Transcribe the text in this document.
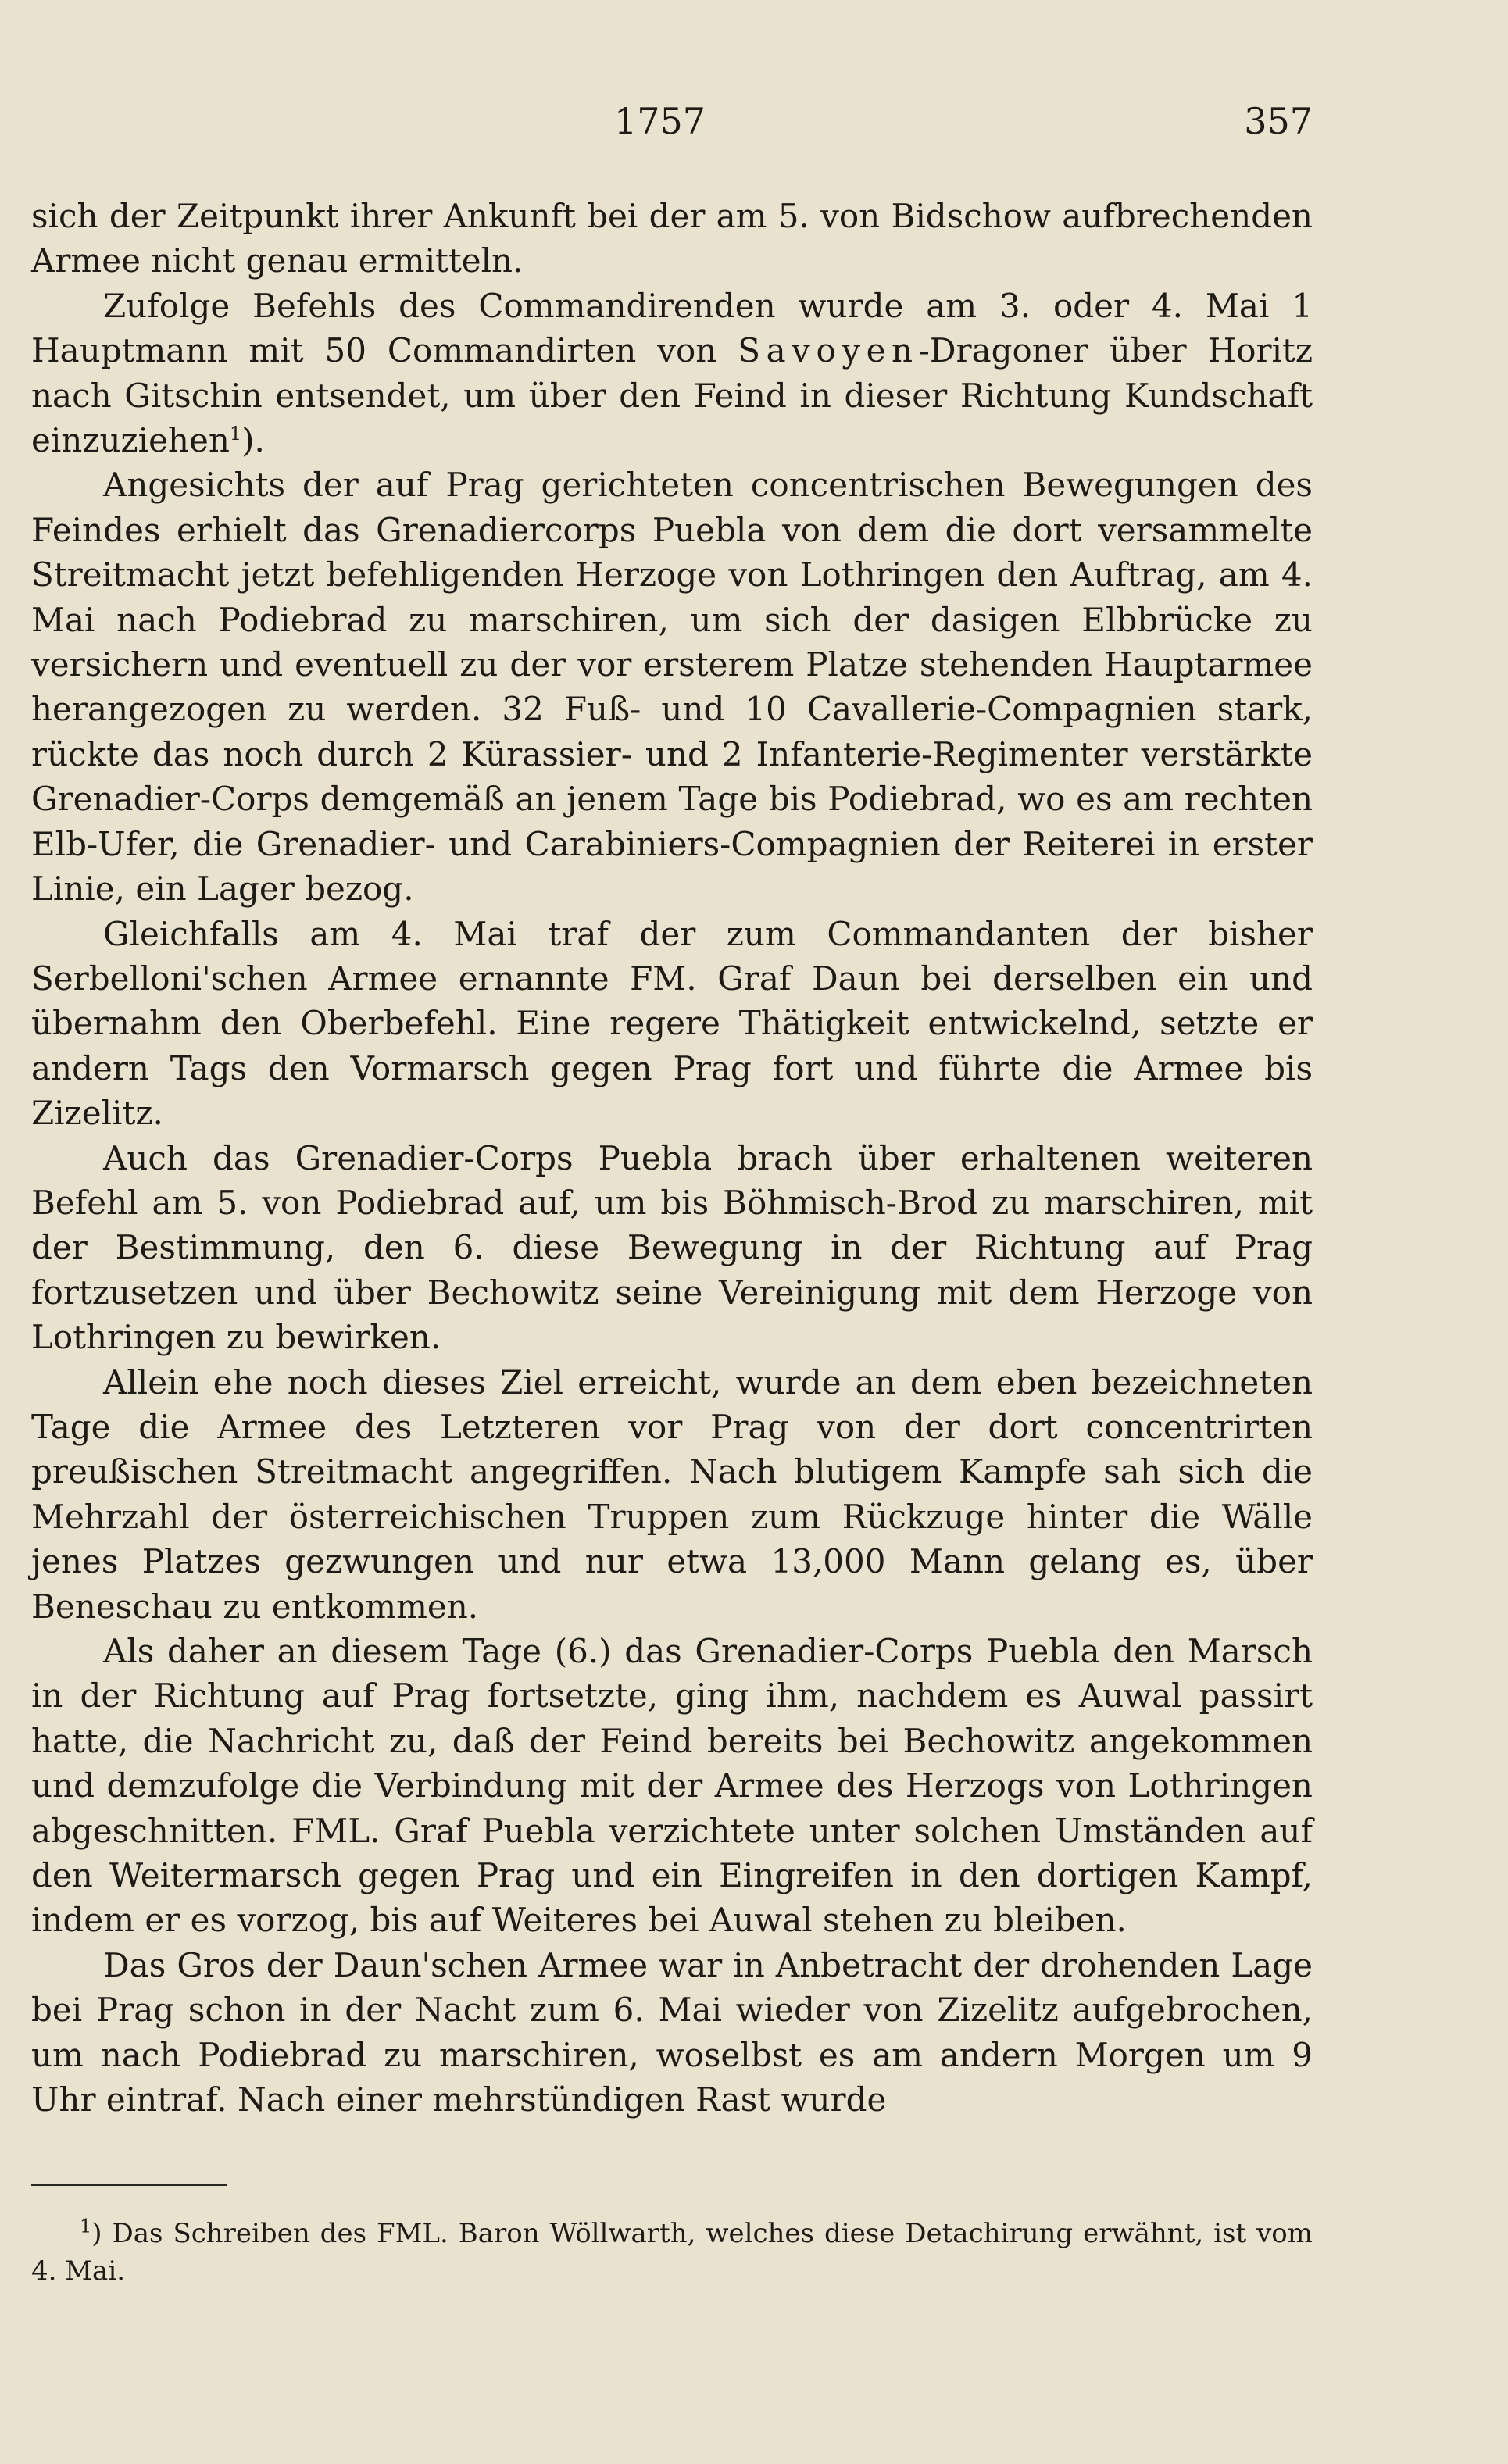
1757	357

sich der Zeitpunkt ihrer Ankunft bei der am 5. von Bidschow aufbrechenden Armee nicht genau ermitteln.

Zufolge Befehls des Commandirenden wurde am 3. oder 4. Mai 1 Hauptmann mit 50 Commandirten von Savoyen-Dragoner über Horitz nach Gitschin entsendet, um über den Feind in dieser Richtung Kundschaft einzuziehen$^1$).

Angesichts der auf Prag gerichteten concentrischen Bewegungen des Feindes erhielt das Grenadiercorps Puebla von dem die dort versammelte Streitmacht jetzt befehligenden Herzoge von Lothringen den Auftrag, am 4. Mai nach Podiebrad zu marschiren, um sich der dasigen Elbbrücke zu versichern und eventuell zu der vor ersterem Platze stehenden Hauptarmee herangezogen zu werden. 32 Fuß- und 10 Cavallerie-Compagnien stark, rückte das noch durch 2 Kürassier- und 2 Infanterie-Regimenter verstärkte Grenadier-Corps demgemäß an jenem Tage bis Podiebrad, wo es am rechten Elb-Ufer, die Grenadier- und Carabiniers-Compagnien der Reiterei in erster Linie, ein Lager bezog.

Gleichfalls am 4. Mai traf der zum Commandanten der bisher Serbelloni'schen Armee ernannte FM. Graf Daun bei derselben ein und übernahm den Oberbefehl. Eine regere Thätigkeit entwickelnd, setzte er andern Tags den Vormarsch gegen Prag fort und führte die Armee bis Zizelitz.

Auch das Grenadier-Corps Puebla brach über erhaltenen weiteren Befehl am 5. von Podiebrad auf, um bis Böhmisch-Brod zu marschiren, mit der Bestimmung, den 6. diese Bewegung in der Richtung auf Prag fortzusetzen und über Bechowitz seine Vereinigung mit dem Herzoge von Lothringen zu bewirken.

Allein ehe noch dieses Ziel erreicht, wurde an dem eben bezeichneten Tage die Armee des Letzteren vor Prag von der dort concentrirten preußischen Streitmacht angegriffen. Nach blutigem Kampfe sah sich die Mehrzahl der österreichischen Truppen zum Rückzuge hinter die Wälle jenes Platzes gezwungen und nur etwa 13,000 Mann gelang es, über Beneschau zu entkommen.

Als daher an diesem Tage (6.) das Grenadier-Corps Puebla den Marsch in der Richtung auf Prag fortsetzte, ging ihm, nachdem es Auwal passirt hatte, die Nachricht zu, daß der Feind bereits bei Bechowitz angekommen und demzufolge die Verbindung mit der Armee des Herzogs von Lothringen abgeschnitten. FML. Graf Puebla verzichtete unter solchen Umständen auf den Weitermarsch gegen Prag und ein Eingreifen in den dortigen Kampf, indem er es vorzog, bis auf Weiteres bei Auwal stehen zu bleiben.

Das Gros der Daun'schen Armee war in Anbetracht der drohenden Lage bei Prag schon in der Nacht zum 6. Mai wieder von Zizelitz aufgebrochen, um nach Podiebrad zu marschiren, woselbst es am andern Morgen um 9 Uhr eintraf. Nach einer mehrstündigen Rast wurde

$^1$) Das Schreiben des FML. Baron Wöllwarth, welches diese Detachirung erwähnt, ist vom 4. Mai.
